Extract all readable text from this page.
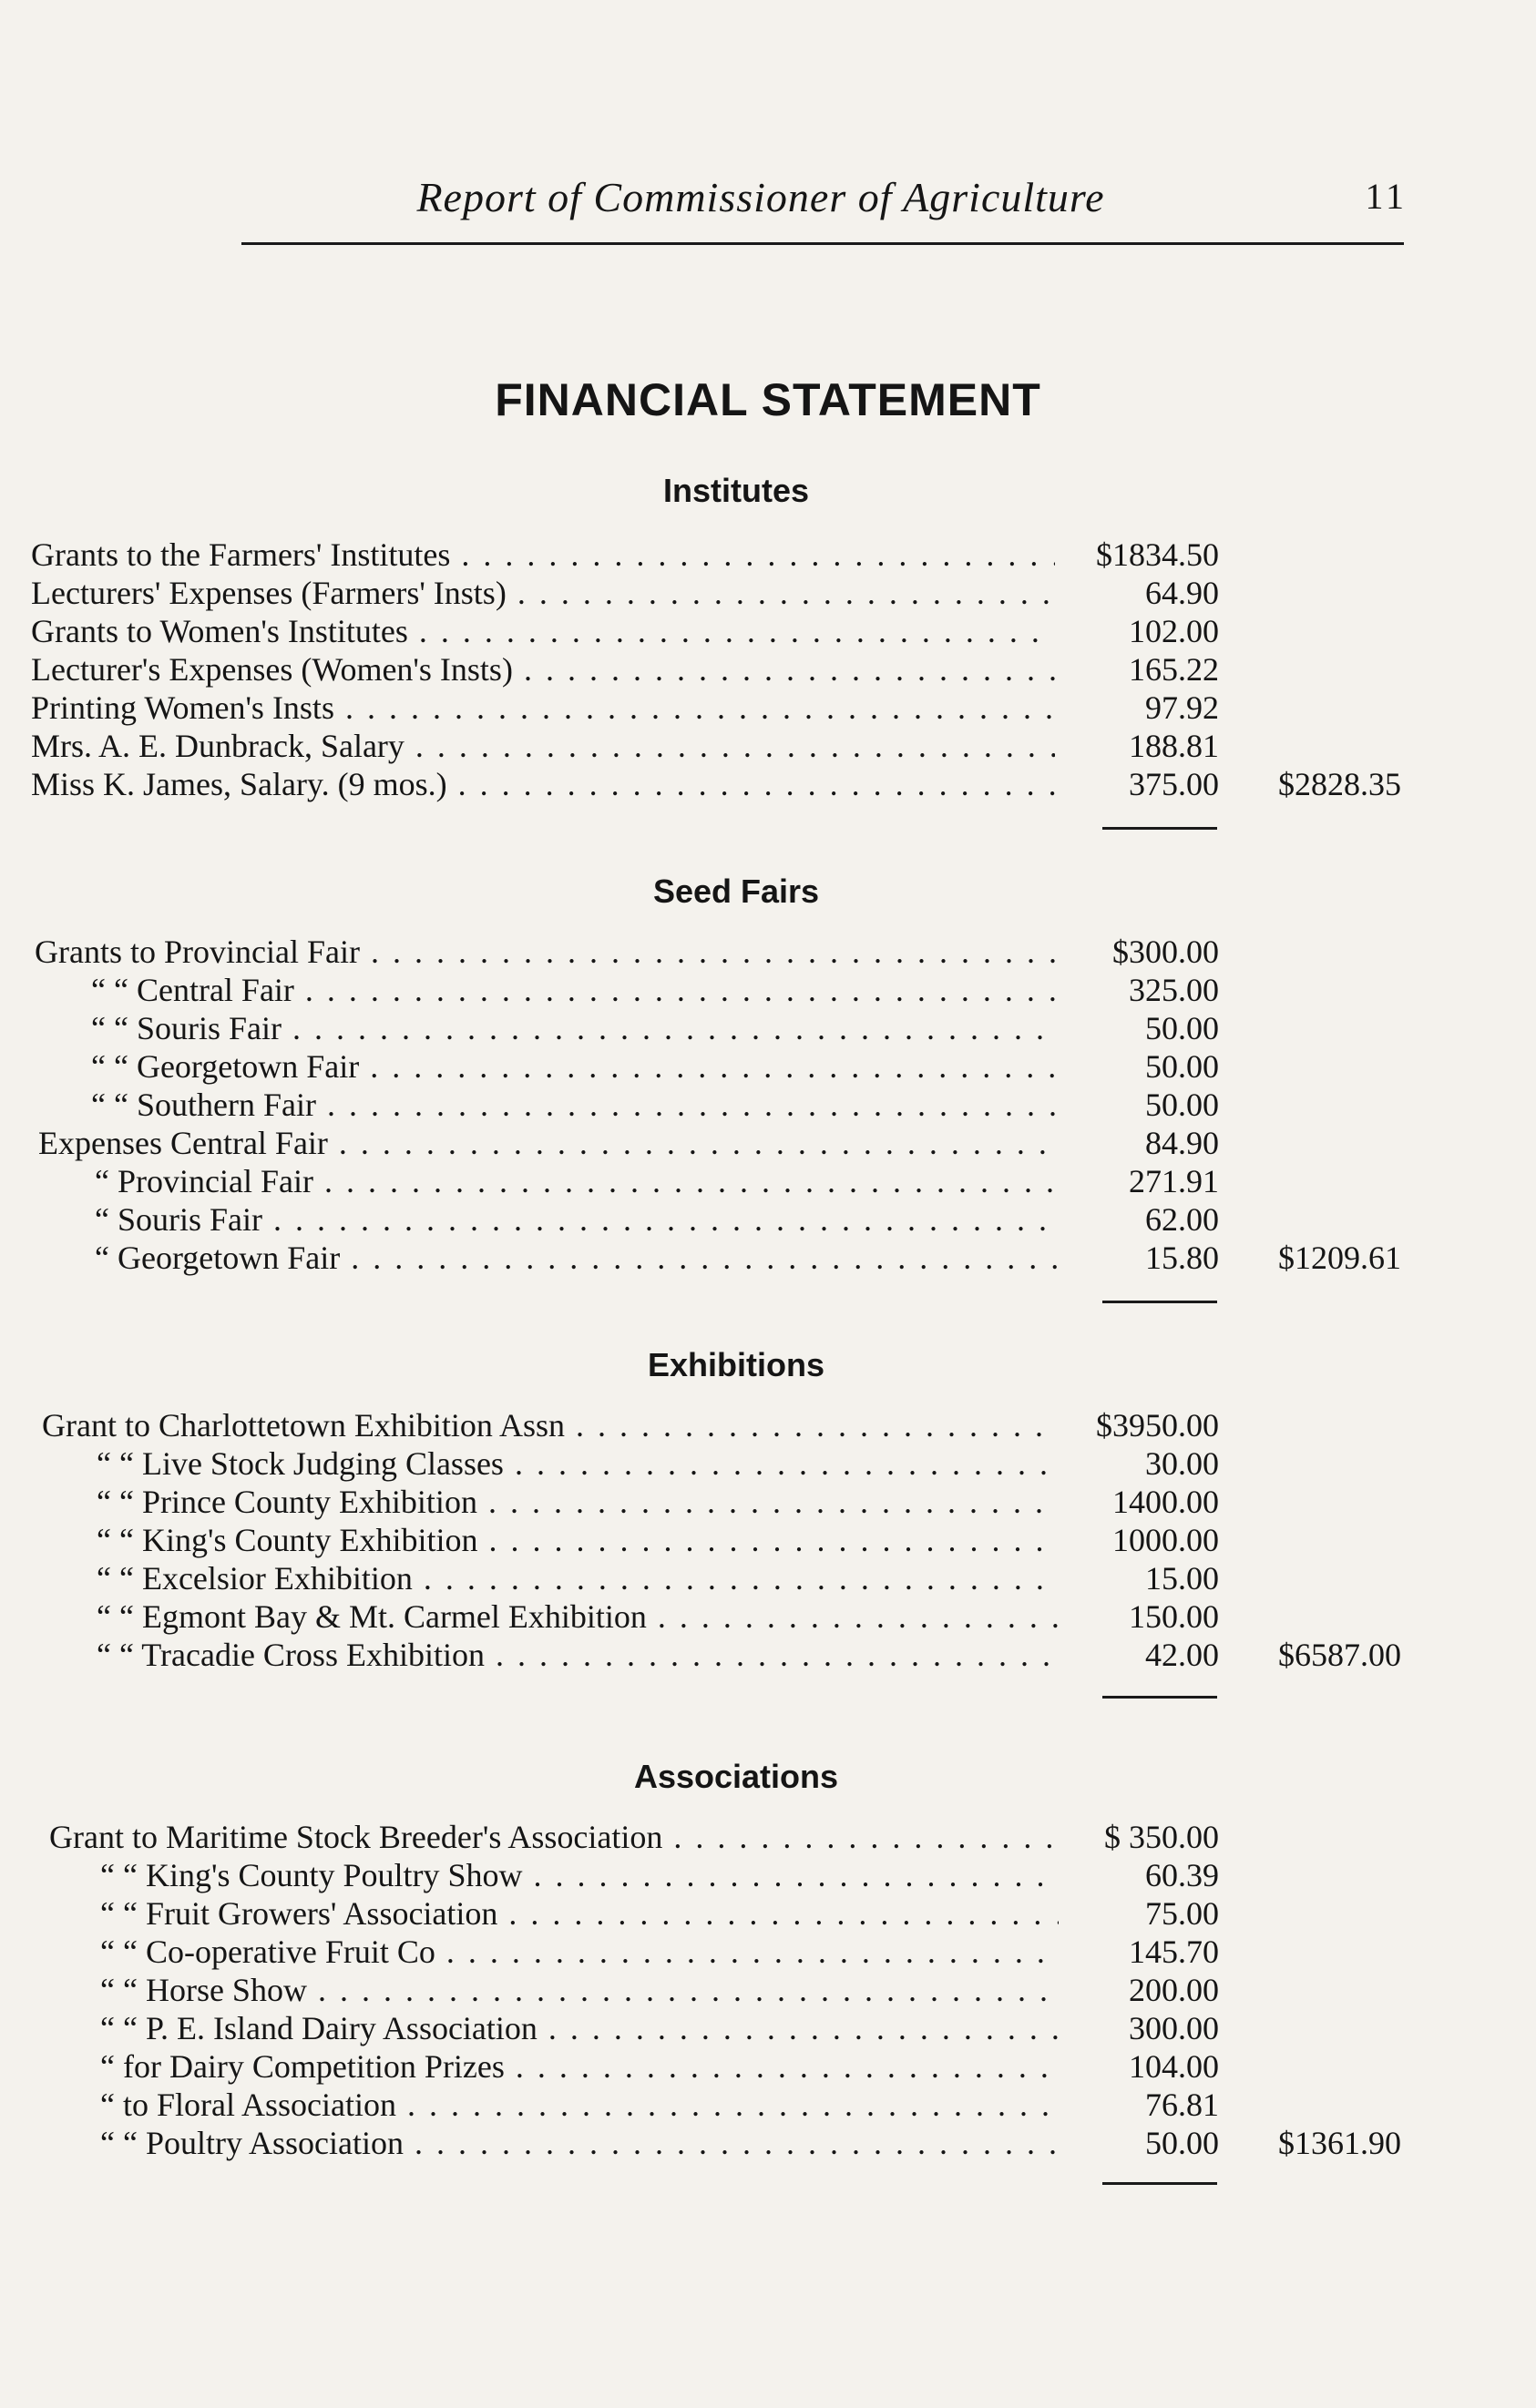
Report of Commissioner of Agriculture	11
FINANCIAL STATEMENT
Institutes
Grants to the Farmers' Institutes . . .	$1834.50
Lecturers' Expenses (Farmers' Insts) . . .	64.90
Grants to Women's Institutes . . .	102.00
Lecturer's Expenses (Women's Insts) . . .	165.22
Printing Women's Insts . . .	97.92
Mrs. A. E. Dunbrack, Salary . . .	188.81
Miss K. James, Salary. (9 mos.) . . .	375.00 $2828.35
Seed Fairs
Grants to Provincial Fair . . .	$300.00
“ “ Central Fair . . .	325.00
“ “ Souris Fair . . .	50.00
“ “ Georgetown Fair . . .	50.00
“ “ Southern Fair . . .	50.00
Expenses Central Fair . . .	84.90
“ Provincial Fair . . .	271.91
“ Souris Fair . . .	62.00
“ Georgetown Fair . . .	15.80 $1209.61
Exhibitions
Grant to Charlottetown Exhibition Assn . . .	$3950.00
“ “ Live Stock Judging Classes . . .	30.00
“ “ Prince County Exhibition . . .	1400.00
“ “ King's County Exhibition . . .	1000.00
“ “ Excelsior Exhibition . . .	15.00
“ “ Egmont Bay & Mt. Carmel Exhibition . . .	150.00
“ “ Tracadie Cross Exhibition . . .	42.00 $6587.00
Associations
Grant to Maritime Stock Breeder's Association . . .	$ 350.00
“ “ King's County Poultry Show . . .	60.39
“ “ Fruit Growers' Association . . .	75.00
“ “ Co-operative Fruit Co . . .	145.70
“ “ Horse Show . . .	200.00
“ “ P. E. Island Dairy Association . . .	300.00
“ for Dairy Competition Prizes . . .	104.00
“ to Floral Association . . .	76.81
“ “ Poultry Association . . .	50.00 $1361.90
